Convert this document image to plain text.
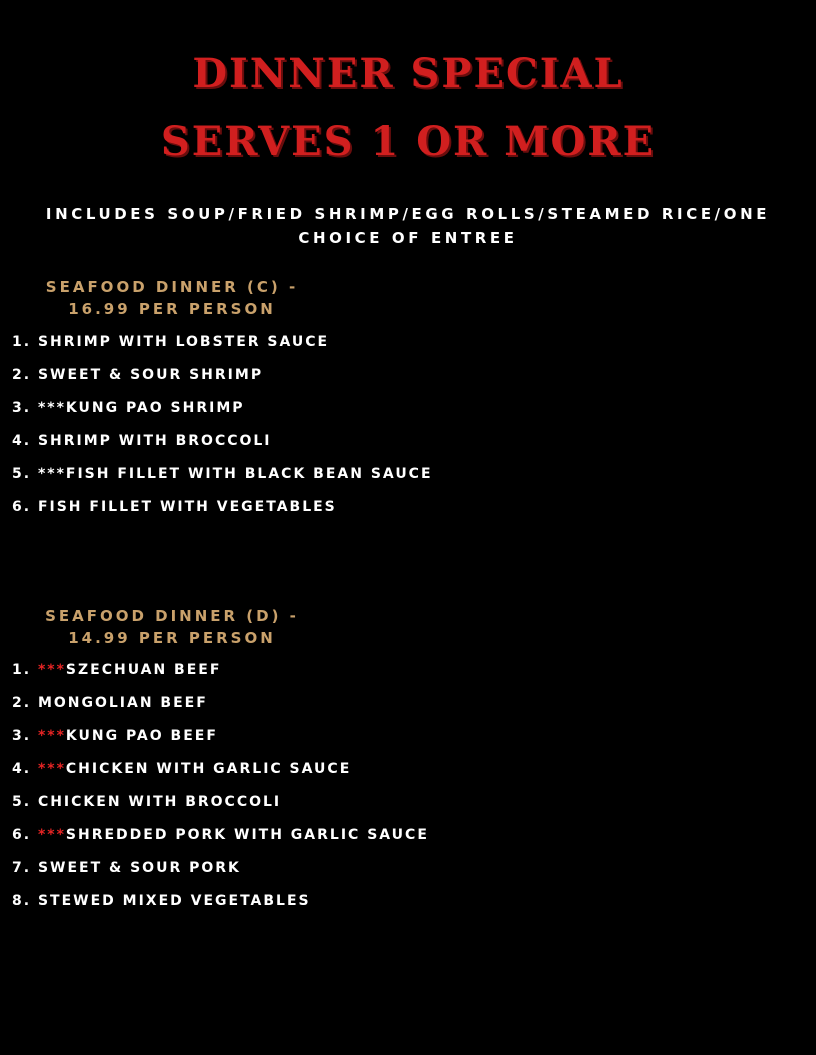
DINNER SPECIAL
SERVES 1 OR MORE
INCLUDES SOUP/FRIED SHRIMP/EGG ROLLS/STEAMED RICE/ONE CHOICE OF ENTREE
SEAFOOD DINNER (C) -
16.99 PER PERSON
1. SHRIMP WITH LOBSTER SAUCE
2. SWEET & SOUR SHRIMP
3. ***KUNG PAO SHRIMP
4. SHRIMP WITH BROCCOLI
5. ***FISH FILLET WITH BLACK BEAN SAUCE
6. FISH FILLET WITH VEGETABLES
SEAFOOD DINNER (D) -
14.99 PER PERSON
1. ***SZECHUAN BEEF
2. MONGOLIAN BEEF
3. ***KUNG PAO BEEF
4. ***CHICKEN WITH GARLIC SAUCE
5. CHICKEN WITH BROCCOLI
6. ***SHREDDED PORK WITH GARLIC SAUCE
7. SWEET & SOUR PORK
8. STEWED MIXED VEGETABLES
